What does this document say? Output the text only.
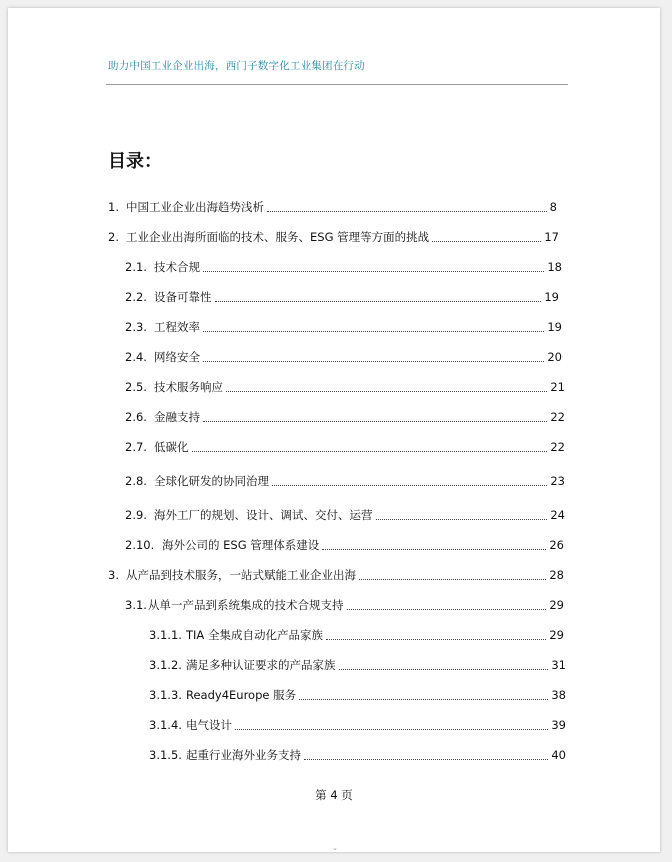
助力中国工业企业出海，西门子数字化工业集团在行动
目录：
1. 中国工业企业出海趋势浅析	8
2. 工业企业出海所面临的技术、服务、ESG 管理等方面的挑战	17
2.1. 技术合规	18
2.2. 设备可靠性	19
2.3. 工程效率	19
2.4. 网络安全	20
2.5. 技术服务响应	21
2.6. 金融支持	22
2.7. 低碳化	22
2.8. 全球化研发的协同治理	23
2.9. 海外工厂的规划、设计、调试、交付、运营	24
2.10. 海外公司的 ESG 管理体系建设	26
3. 从产品到技术服务，一站式赋能工业企业出海	28
3.1. 从单一产品到系统集成的技术合规支持	29
3.1.1. TIA 全集成自动化产品家族	29
3.1.2. 满足多种认证要求的产品家族	31
3.1.3. Ready4Europe 服务	38
3.1.4. 电气设计	39
3.1.5. 起重行业海外业务支持	40
第 4 页
⌄
